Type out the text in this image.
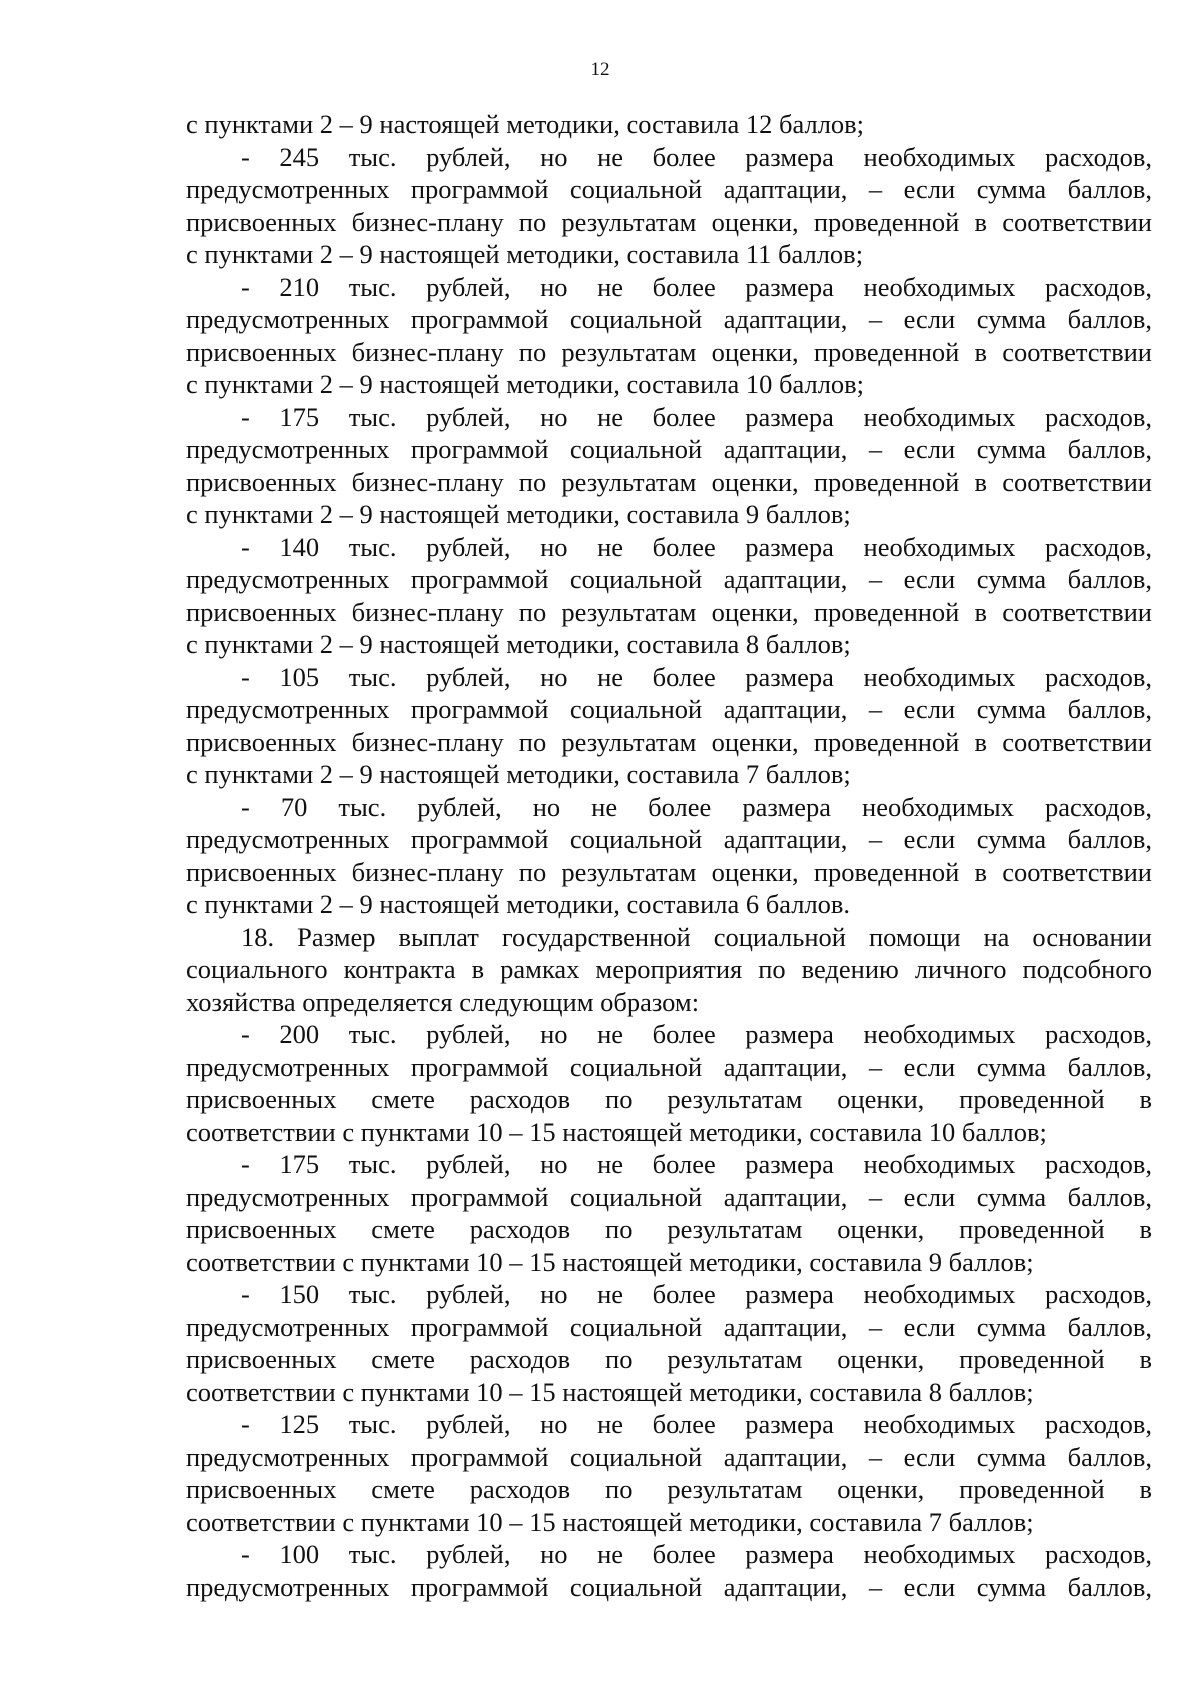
12
с пунктами 2 – 9 настоящей методики, составила 12 баллов;
- 245 тыс. рублей, но не более размера необходимых расходов,
предусмотренных программой социальной адаптации, – если сумма баллов,
присвоенных бизнес-плану по результатам оценки, проведенной в соответствии
с пунктами 2 – 9 настоящей методики, составила 11 баллов;
- 210 тыс. рублей, но не более размера необходимых расходов,
предусмотренных программой социальной адаптации, – если сумма баллов,
присвоенных бизнес-плану по результатам оценки, проведенной в соответствии
с пунктами 2 – 9 настоящей методики, составила 10 баллов;
- 175 тыс. рублей, но не более размера необходимых расходов,
предусмотренных программой социальной адаптации, – если сумма баллов,
присвоенных бизнес-плану по результатам оценки, проведенной в соответствии
с пунктами 2 – 9 настоящей методики, составила 9 баллов;
- 140 тыс. рублей, но не более размера необходимых расходов,
предусмотренных программой социальной адаптации, – если сумма баллов,
присвоенных бизнес-плану по результатам оценки, проведенной в соответствии
с пунктами 2 – 9 настоящей методики, составила 8 баллов;
- 105 тыс. рублей, но не более размера необходимых расходов,
предусмотренных программой социальной адаптации, – если сумма баллов,
присвоенных бизнес-плану по результатам оценки, проведенной в соответствии
с пунктами 2 – 9 настоящей методики, составила 7 баллов;
- 70 тыс. рублей, но не более размера необходимых расходов,
предусмотренных программой социальной адаптации, – если сумма баллов,
присвоенных бизнес-плану по результатам оценки, проведенной в соответствии
с пунктами 2 – 9 настоящей методики, составила 6 баллов.
18. Размер выплат государственной социальной помощи на основании
социального контракта в рамках мероприятия по ведению личного подсобного
хозяйства определяется следующим образом:
- 200 тыс. рублей, но не более размера необходимых расходов,
предусмотренных программой социальной адаптации, – если сумма баллов,
присвоенных смете расходов по результатам оценки, проведенной в
соответствии с пунктами 10 – 15 настоящей методики, составила 10 баллов;
- 175 тыс. рублей, но не более размера необходимых расходов,
предусмотренных программой социальной адаптации, – если сумма баллов,
присвоенных смете расходов по результатам оценки, проведенной в
соответствии с пунктами 10 – 15 настоящей методики, составила 9 баллов;
- 150 тыс. рублей, но не более размера необходимых расходов,
предусмотренных программой социальной адаптации, – если сумма баллов,
присвоенных смете расходов по результатам оценки, проведенной в
соответствии с пунктами 10 – 15 настоящей методики, составила 8 баллов;
- 125 тыс. рублей, но не более размера необходимых расходов,
предусмотренных программой социальной адаптации, – если сумма баллов,
присвоенных смете расходов по результатам оценки, проведенной в
соответствии с пунктами 10 – 15 настоящей методики, составила 7 баллов;
- 100 тыс. рублей, но не более размера необходимых расходов,
предусмотренных программой социальной адаптации, – если сумма баллов,
